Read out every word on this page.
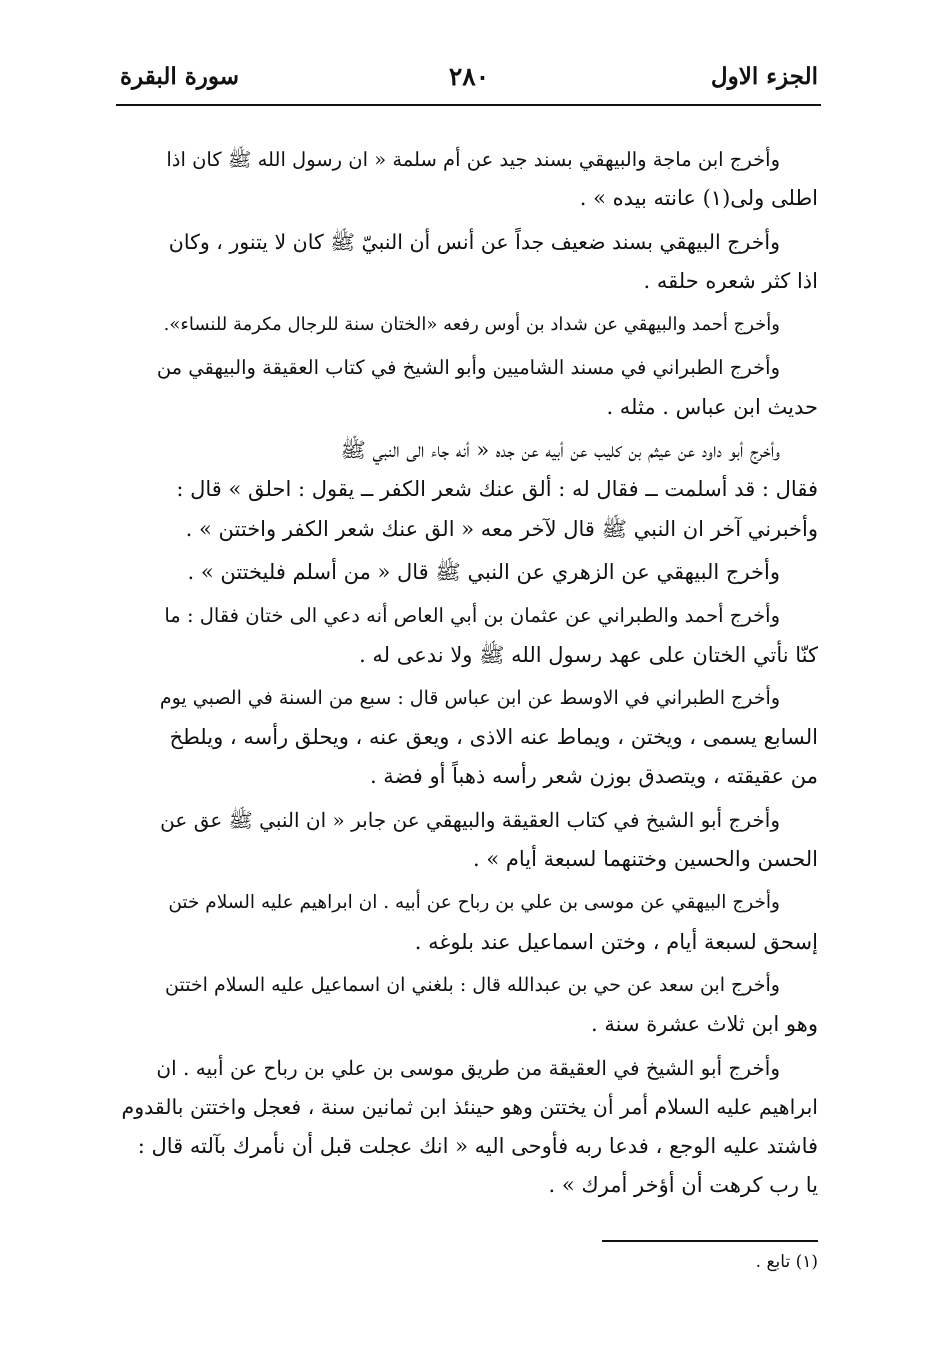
الجزء الاول
٢٨٠
سورة البقرة
وأخرج ابن ماجة والبيهقي بسند جيد عن أم سلمة « ان رسول الله ﷺ كان اذا
اطلى ولى(١) عانته بيده » .
وأخرج البيهقي بسند ضعيف جداً عن أنس أن النبيّ ﷺ كان لا يتنور ، وكان
اذا كثر شعره حلقه .
وأخرج أحمد والبيهقي عن شداد بن أوس رفعه «الختان سنة للرجال مكرمة للنساء».
وأخرج الطبراني في مسند الشاميين وأبو الشيخ في كتاب العقيقة والبيهقي من
حديث ابن عباس . مثله .
وأخرج أبو داود عن عيثم بن كليب عن أبيه عن جده « أنه جاء الى النبي ﷺ
فقال : قد أسلمت ــ فقال له : ألق عنك شعر الكفر ــ يقول : احلق » قال :
وأخبرني آخر ان النبي ﷺ قال لآخر معه « الق عنك شعر الكفر واختتن » .
وأخرج البيهقي عن الزهري عن النبي ﷺ قال « من أسلم فليختتن » .
وأخرج أحمد والطبراني عن عثمان بن أبي العاص أنه دعي الى ختان فقال : ما
كنّا نأتي الختان على عهد رسول الله ﷺ ولا ندعى له .
وأخرج الطبراني في الاوسط عن ابن عباس قال : سبع من السنة في الصبي يوم
السابع يسمى ، ويختن ، ويماط عنه الاذى ، ويعق عنه ، ويحلق رأسه ، ويلطخ
من عقيقته ، ويتصدق بوزن شعر رأسه ذهباً أو فضة .
وأخرج أبو الشيخ في كتاب العقيقة والبيهقي عن جابر « ان النبي ﷺ عق عن
الحسن والحسين وختنهما لسبعة أيام » .
وأخرج البيهقي عن موسى بن علي بن رباح عن أبيه . ان ابراهيم عليه السلام ختن
إسحق لسبعة أيام ، وختن اسماعيل عند بلوغه .
وأخرج ابن سعد عن حي بن عبدالله قال : بلغني ان اسماعيل عليه السلام اختتن
وهو ابن ثلاث عشرة سنة .
وأخرج أبو الشيخ في العقيقة من طريق موسى بن علي بن رباح عن أبيه . ان
ابراهيم عليه السلام أمر أن يختتن وهو حينئذ ابن ثمانين سنة ، فعجل واختتن بالقدوم
فاشتد عليه الوجع ، فدعا ربه فأوحى اليه « انك عجلت قبل أن نأمرك بآلته قال :
يا رب كرهت أن أؤخر أمرك » .
(١) تابع .
